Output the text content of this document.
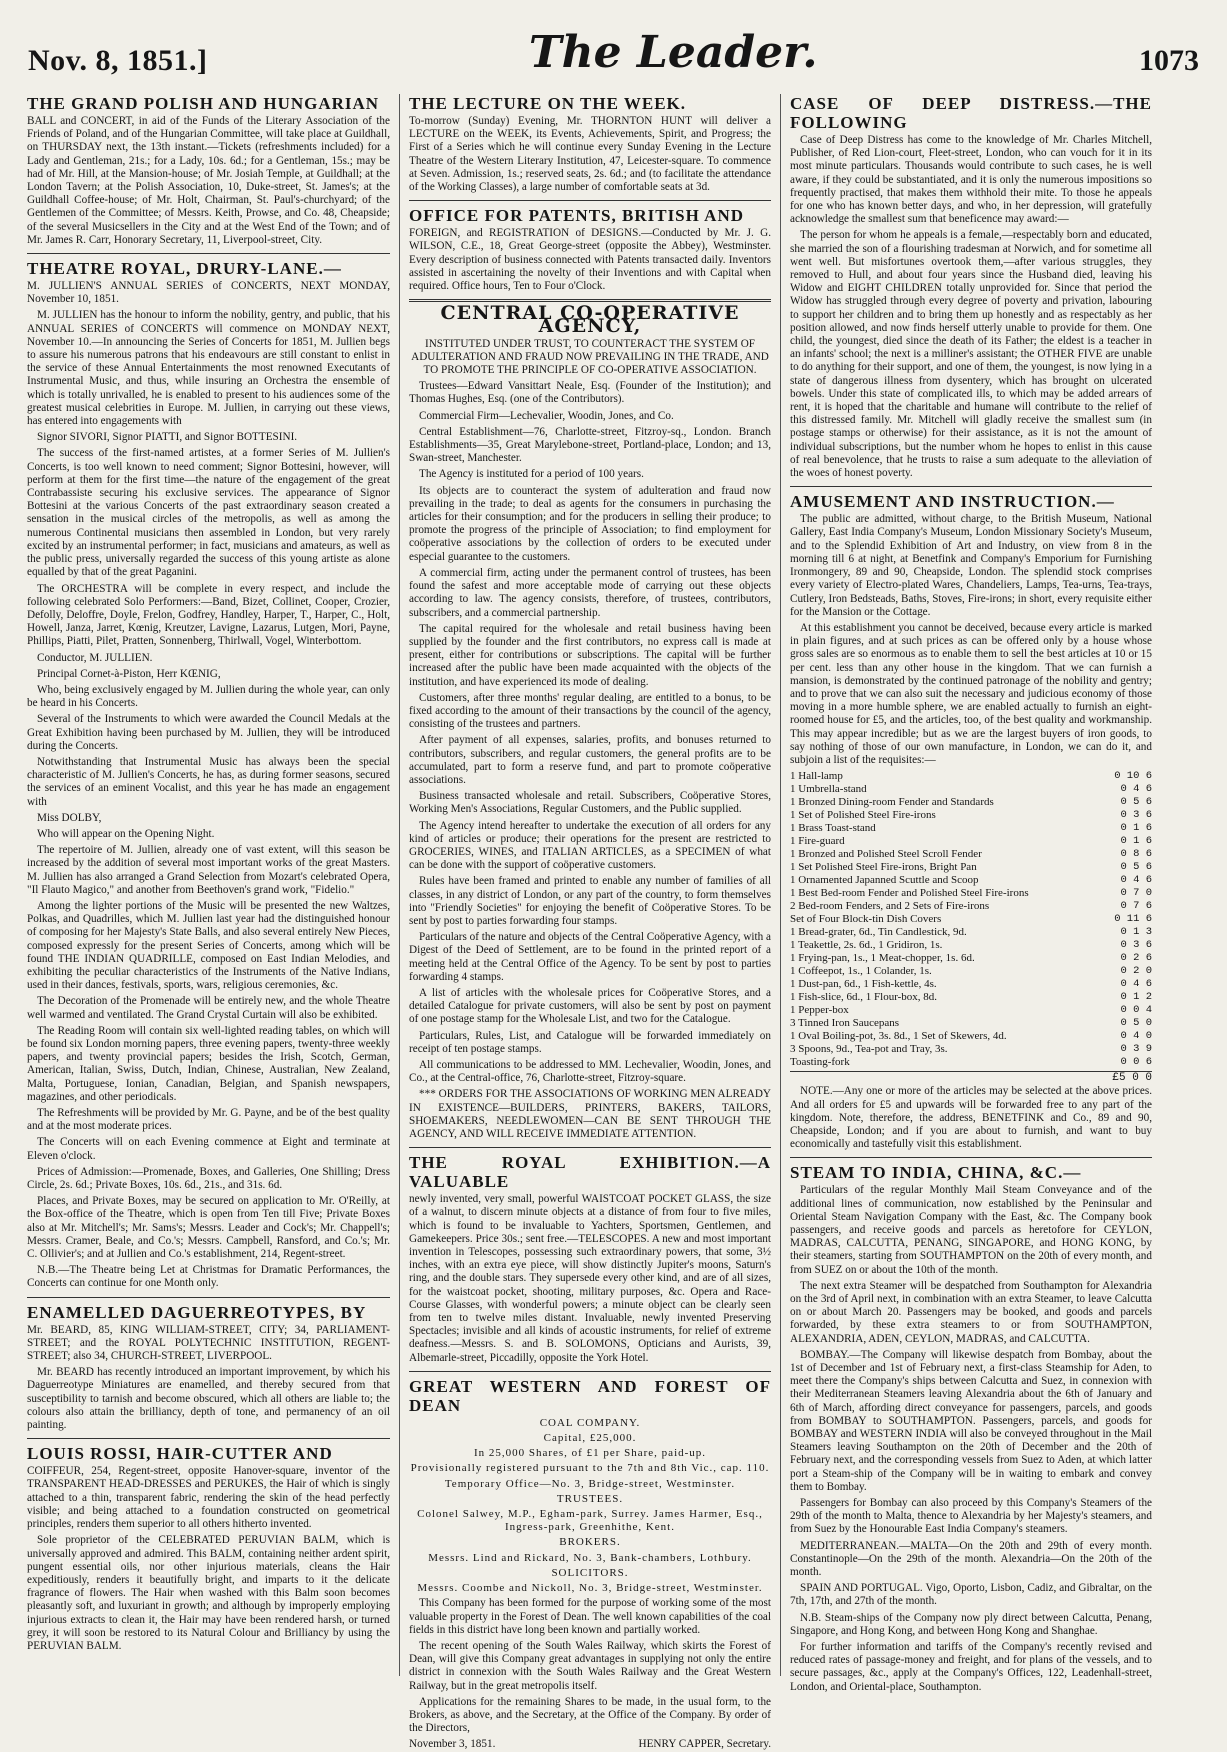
Nov. 8, 1851.]	The Leader.	1073
THE GRAND POLISH AND HUNGARIAN

BALL and CONCERT, in aid of the Funds of the Literary Association of the Friends of Poland, and of the Hungarian Committee, will take place at Guildhall, on THURSDAY next, the 13th instant.—Tickets (refreshments included) for a Lady and Gentleman, 21s.; for a Lady, 10s. 6d.; for a Gentleman, 15s.; may be had of Mr. Hill, at the Mansion-house; of Mr. Josiah Temple, at Guildhall; at the London Tavern; at the Polish Association, 10, Duke-street, St. James's; at the Guildhall Coffee-house; of Mr. Holt, Chairman, St. Paul's-churchyard; of the Gentlemen of the Committee; of Messrs. Keith, Prowse, and Co. 48, Cheapside; of the several Musicsellers in the City and at the West End of the Town; and of Mr. James R. Carr, Honorary Secretary, 11, Liverpool-street, City.

THEATRE ROYAL, DRURY-LANE.—

M. JULLIEN'S ANNUAL SERIES of CONCERTS, NEXT MONDAY, November 10, 1851.

M. JULLIEN has the honour to inform the nobility, gentry, and public, that his ANNUAL SERIES of CONCERTS will commence on MONDAY NEXT, November 10.—In announcing the Series of Concerts for 1851, M. Jullien begs to assure his numerous patrons that his endeavours are still constant to enlist in the service of these Annual Entertainments the most renowned Executants of Instrumental Music, and thus, while insuring an Orchestra the ensemble of which is totally unrivalled, he is enabled to present to his audiences some of the greatest musical celebrities in Europe. M. Jullien, in carrying out these views, has entered into engagements with

Signor SIVORI, Signor PIATTI, and Signor BOTTESINI.

The success of the first-named artistes, at a former Series of M. Jullien's Concerts, is too well known to need comment; Signor Bottesini, however, will perform at them for the first time—the nature of the engagement of the great Contrabassiste securing his exclusive services. The appearance of Signor Bottesini at the various Concerts of the past extraordinary season created a sensation in the musical circles of the metropolis, as well as among the numerous Continental musicians then assembled in London, but very rarely excited by an instrumental performer; in fact, musicians and amateurs, as well as the public press, universally regarded the success of this young artiste as alone equalled by that of the great Paganini.

The ORCHESTRA will be complete in every respect, and include the following celebrated Solo Performers:—Band, Bizet, Collinet, Cooper, Crozier, Defolly, Deloffre, Doyle, Frelon, Godfrey, Handley, Harper, T., Harper, C., Holt, Howell, Janza, Jarret, Kœnig, Kreutzer, Lavigne, Lazarus, Lutgen, Mori, Payne, Phillips, Piatti, Pilet, Pratten, Sonnenberg, Thirlwall, Vogel, Winterbottom.

Conductor, M. JULLIEN.

Principal Cornet-à-Piston, Herr KŒNIG,

Who, being exclusively engaged by M. Jullien during the whole year, can only be heard in his Concerts.

Several of the Instruments to which were awarded the Council Medals at the Great Exhibition having been purchased by M. Jullien, they will be introduced during the Concerts.

Notwithstanding that Instrumental Music has always been the special characteristic of M. Jullien's Concerts, he has, as during former seasons, secured the services of an eminent Vocalist, and this year he has made an engagement with

Miss DOLBY,

Who will appear on the Opening Night.

The repertoire of M. Jullien, already one of vast extent, will this season be increased by the addition of several most important works of the great Masters. M. Jullien has also arranged a Grand Selection from Mozart's celebrated Opera, "Il Flauto Magico," and another from Beethoven's grand work, "Fidelio."

Among the lighter portions of the Music will be presented the new Waltzes, Polkas, and Quadrilles, which M. Jullien last year had the distinguished honour of composing for her Majesty's State Balls, and also several entirely New Pieces, composed expressly for the present Series of Concerts, among which will be found THE INDIAN QUADRILLE, composed on East Indian Melodies, and exhibiting the peculiar characteristics of the Instruments of the Native Indians, used in their dances, festivals, sports, wars, religious ceremonies, &c.

The Decoration of the Promenade will be entirely new, and the whole Theatre well warmed and ventilated. The Grand Crystal Curtain will also be exhibited.

The Reading Room will contain six well-lighted reading tables, on which will be found six London morning papers, three evening papers, twenty-three weekly papers, and twenty provincial papers; besides the Irish, Scotch, German, American, Italian, Swiss, Dutch, Indian, Chinese, Australian, New Zealand, Malta, Portuguese, Ionian, Canadian, Belgian, and Spanish newspapers, magazines, and other periodicals.

The Refreshments will be provided by Mr. G. Payne, and be of the best quality and at the most moderate prices.

The Concerts will on each Evening commence at Eight and terminate at Eleven o'clock.

Prices of Admission:—Promenade, Boxes, and Galleries, One Shilling; Dress Circle, 2s. 6d.; Private Boxes, 10s. 6d., 21s., and 31s. 6d.

Places, and Private Boxes, may be secured on application to Mr. O'Reilly, at the Box-office of the Theatre, which is open from Ten till Five; Private Boxes also at Mr. Mitchell's; Mr. Sams's; Messrs. Leader and Cock's; Mr. Chappell's; Messrs. Cramer, Beale, and Co.'s; Messrs. Campbell, Ransford, and Co.'s; Mr. C. Ollivier's; and at Jullien and Co.'s establishment, 214, Regent-street.

N.B.—The Theatre being Let at Christmas for Dramatic Performances, the Concerts can continue for one Month only.

ENAMELLED DAGUERREOTYPES, BY

Mr. BEARD, 85, KING WILLIAM-STREET, CITY; 34, PARLIAMENT-STREET; and the ROYAL POLYTECHNIC INSTITUTION, REGENT-STREET; also 34, CHURCH-STREET, LIVERPOOL.

Mr. BEARD has recently introduced an important improvement, by which his Daguerreotype Miniatures are enamelled, and thereby secured from that susceptibility to tarnish and become obscured, which all others are liable to; the colours also attain the brilliancy, depth of tone, and permanency of an oil painting.

LOUIS ROSSI, HAIR-CUTTER AND

COIFFEUR, 254, Regent-street, opposite Hanover-square, inventor of the TRANSPARENT HEAD-DRESSES and PERUKES, the Hair of which is singly attached to a thin, transparent fabric, rendering the skin of the head perfectly visible; and being attached to a foundation constructed on geometrical principles, renders them superior to all others hitherto invented.

Sole proprietor of the CELEBRATED PERUVIAN BALM, which is universally approved and admired. This BALM, containing neither ardent spirit, pungent essential oils, nor other injurious materials, cleans the Hair expeditiously, renders it beautifully bright, and imparts to it the delicate fragrance of flowers. The Hair when washed with this Balm soon becomes pleasantly soft, and luxuriant in growth; and although by improperly employing injurious extracts to clean it, the Hair may have been rendered harsh, or turned grey, it will soon be restored to its Natural Colour and Brilliancy by using the PERUVIAN BALM.

THE LECTURE ON THE WEEK.

To-morrow (Sunday) Evening, Mr. THORNTON HUNT will deliver a LECTURE on the WEEK, its Events, Achievements, Spirit, and Progress; the First of a Series which he will continue every Sunday Evening in the Lecture Theatre of the Western Literary Institution, 47, Leicester-square. To commence at Seven. Admission, 1s.; reserved seats, 2s. 6d.; and (to facilitate the attendance of the Working Classes), a large number of comfortable seats at 3d.

OFFICE FOR PATENTS, BRITISH AND

FOREIGN, and REGISTRATION of DESIGNS.—Conducted by Mr. J. G. WILSON, C.E., 18, Great George-street (opposite the Abbey), Westminster. Every description of business connected with Patents transacted daily. Inventors assisted in ascertaining the novelty of their Inventions and with Capital when required. Office hours, Ten to Four o'Clock.

CENTRAL CO-OPERATIVE AGENCY,

INSTITUTED UNDER TRUST, TO COUNTERACT THE SYSTEM OF ADULTERATION AND FRAUD NOW PREVAILING IN THE TRADE, AND TO PROMOTE THE PRINCIPLE OF CO-OPERATIVE ASSOCIATION.

Trustees—Edward Vansittart Neale, Esq. (Founder of the Institution); and Thomas Hughes, Esq. (one of the Contributors).

Commercial Firm—Lechevalier, Woodin, Jones, and Co.

Central Establishment—76, Charlotte-street, Fitzroy-sq., London. Branch Establishments—35, Great Marylebone-street, Portland-place, London; and 13, Swan-street, Manchester.

The Agency is instituted for a period of 100 years.

Its objects are to counteract the system of adulteration and fraud now prevailing in the trade; to deal as agents for the consumers in purchasing the articles for their consumption; and for the producers in selling their produce; to promote the progress of the principle of Association; to find employment for coöperative associations by the collection of orders to be executed under especial guarantee to the customers.

A commercial firm, acting under the permanent control of trustees, has been found the safest and more acceptable mode of carrying out these objects according to law. The agency consists, therefore, of trustees, contributors, subscribers, and a commercial partnership.

The capital required for the wholesale and retail business having been supplied by the founder and the first contributors, no express call is made at present, either for contributions or subscriptions. The capital will be further increased after the public have been made acquainted with the objects of the institution, and have experienced its mode of dealing.

Customers, after three months' regular dealing, are entitled to a bonus, to be fixed according to the amount of their transactions by the council of the agency, consisting of the trustees and partners.

After payment of all expenses, salaries, profits, and bonuses returned to contributors, subscribers, and regular customers, the general profits are to be accumulated, part to form a reserve fund, and part to promote coöperative associations.

Business transacted wholesale and retail. Subscribers, Coöperative Stores, Working Men's Associations, Regular Customers, and the Public supplied.

The Agency intend hereafter to undertake the execution of all orders for any kind of articles or produce; their operations for the present are restricted to GROCERIES, WINES, and ITALIAN ARTICLES, as a SPECIMEN of what can be done with the support of coöperative customers.

Rules have been framed and printed to enable any number of families of all classes, in any district of London, or any part of the country, to form themselves into "Friendly Societies" for enjoying the benefit of Coöperative Stores. To be sent by post to parties forwarding four stamps.

Particulars of the nature and objects of the Central Coöperative Agency, with a Digest of the Deed of Settlement, are to be found in the printed report of a meeting held at the Central Office of the Agency. To be sent by post to parties forwarding 4 stamps.

A list of articles with the wholesale prices for Coöperative Stores, and a detailed Catalogue for private customers, will also be sent by post on payment of one postage stamp for the Wholesale List, and two for the Catalogue.

Particulars, Rules, List, and Catalogue will be forwarded immediately on receipt of ten postage stamps.

All communications to be addressed to MM. Lechevalier, Woodin, Jones, and Co., at the Central-office, 76, Charlotte-street, Fitzroy-square.

*** ORDERS FOR THE ASSOCIATIONS OF WORKING MEN ALREADY IN EXISTENCE—BUILDERS, PRINTERS, BAKERS, TAILORS, SHOEMAKERS, NEEDLEWOMEN—CAN BE SENT THROUGH THE AGENCY, AND WILL RECEIVE IMMEDIATE ATTENTION.

THE ROYAL EXHIBITION.—A VALUABLE

newly invented, very small, powerful WAISTCOAT POCKET GLASS, the size of a walnut, to discern minute objects at a distance of from four to five miles, which is found to be invaluable to Yachters, Sportsmen, Gentlemen, and Gamekeepers. Price 30s.; sent free.—TELESCOPES. A new and most important invention in Telescopes, possessing such extraordinary powers, that some, 3½ inches, with an extra eye piece, will show distinctly Jupiter's moons, Saturn's ring, and the double stars. They supersede every other kind, and are of all sizes, for the waistcoat pocket, shooting, military purposes, &c. Opera and Race-Course Glasses, with wonderful powers; a minute object can be clearly seen from ten to twelve miles distant. Invaluable, newly invented Preserving Spectacles; invisible and all kinds of acoustic instruments, for relief of extreme deafness.—Messrs. S. and B. SOLOMONS, Opticians and Aurists, 39, Albemarle-street, Piccadilly, opposite the York Hotel.

GREAT WESTERN AND FOREST OF DEAN
COAL COMPANY.
Capital, £25,000.
In 25,000 Shares, of £1 per Share, paid-up.
Provisionally registered pursuant to the 7th and 8th Vic., cap. 110.
Temporary Office—No. 3, Bridge-street, Westminster.
TRUSTEES.
Colonel Salwey, M.P., Egham-park, Surrey. James Harmer, Esq., Ingress-park, Greenhithe, Kent.
BROKERS.
Messrs. Lind and Rickard, No. 3, Bank-chambers, Lothbury.
SOLICITORS.
Messrs. Coombe and Nickoll, No. 3, Bridge-street, Westminster.

This Company has been formed for the purpose of working some of the most valuable property in the Forest of Dean. The well known capabilities of the coal fields in this district have long been known and partially worked.

The recent opening of the South Wales Railway, which skirts the Forest of Dean, will give this Company great advantages in supplying not only the entire district in connexion with the South Wales Railway and the Great Western Railway, but in the great metropolis itself.

Applications for the remaining Shares to be made, in the usual form, to the Brokers, as above, and the Secretary, at the Office of the Company. By order of the Directors,

November 3, 1851.	HENRY CAPPER, Secretary.
CASE OF DEEP DISTRESS.—THE FOLLOWING

Case of Deep Distress has come to the knowledge of Mr. Charles Mitchell, Publisher, of Red Lion-court, Fleet-street, London, who can vouch for it in its most minute particulars. Thousands would contribute to such cases, he is well aware, if they could be substantiated, and it is only the numerous impositions so frequently practised, that makes them withhold their mite. To those he appeals for one who has known better days, and who, in her depression, will gratefully acknowledge the smallest sum that beneficence may award:—

The person for whom he appeals is a female,—respectably born and educated, she married the son of a flourishing tradesman at Norwich, and for sometime all went well. But misfortunes overtook them,—after various struggles, they removed to Hull, and about four years since the Husband died, leaving his Widow and EIGHT CHILDREN totally unprovided for. Since that period the Widow has struggled through every degree of poverty and privation, labouring to support her children and to bring them up honestly and as respectably as her position allowed, and now finds herself utterly unable to provide for them. One child, the youngest, died since the death of its Father; the eldest is a teacher in an infants' school; the next is a milliner's assistant; the OTHER FIVE are unable to do anything for their support, and one of them, the youngest, is now lying in a state of dangerous illness from dysentery, which has brought on ulcerated bowels. Under this state of complicated ills, to which may be added arrears of rent, it is hoped that the charitable and humane will contribute to the relief of this distressed family. Mr. Mitchell will gladly receive the smallest sum (in postage stamps or otherwise) for their assistance, as it is not the amount of individual subscriptions, but the number whom he hopes to enlist in this cause of real benevolence, that he trusts to raise a sum adequate to the alleviation of the woes of honest poverty.

AMUSEMENT AND INSTRUCTION.—

The public are admitted, without charge, to the British Museum, National Gallery, East India Company's Museum, London Missionary Society's Museum, and to the Splendid Exhibition of Art and Industry, on view from 8 in the morning till 6 at night, at Benetfink and Company's Emporium for Furnishing Ironmongery, 89 and 90, Cheapside, London. The splendid stock comprises every variety of Electro-plated Wares, Chandeliers, Lamps, Tea-urns, Tea-trays, Cutlery, Iron Bedsteads, Baths, Stoves, Fire-irons; in short, every requisite either for the Mansion or the Cottage.

At this establishment you cannot be deceived, because every article is marked in plain figures, and at such prices as can be offered only by a house whose gross sales are so enormous as to enable them to sell the best articles at 10 or 15 per cent. less than any other house in the kingdom. That we can furnish a mansion, is demonstrated by the continued patronage of the nobility and gentry; and to prove that we can also suit the necessary and judicious economy of those moving in a more humble sphere, we are enabled actually to furnish an eight-roomed house for £5, and the articles, too, of the best quality and workmanship. This may appear incredible; but as we are the largest buyers of iron goods, to say nothing of those of our own manufacture, in London, we can do it, and subjoin a list of the requisites:—

1 Hall-lamp	0 10 6
1 Umbrella-stand	0 4 6
1 Bronzed Dining-room Fender and Standards	0 5 6
1 Set of Polished Steel Fire-irons	0 3 6
1 Brass Toast-stand	0 1 6
1 Fire-guard	0 1 6
1 Bronzed and Polished Steel Scroll Fender	0 8 6
1 Set Polished Steel Fire-irons, Bright Pan	0 5 6
1 Ornamented Japanned Scuttle and Scoop	0 4 6
1 Best Bed-room Fender and Polished Steel Fire-irons	0 7 0
2 Bed-room Fenders, and 2 Sets of Fire-irons	0 7 6
Set of Four Block-tin Dish Covers	0 11 6
1 Bread-grater, 6d., Tin Candlestick, 9d.	0 1 3
1 Teakettle, 2s. 6d., 1 Gridiron, 1s.	0 3 6
1 Frying-pan, 1s., 1 Meat-chopper, 1s. 6d.	0 2 6
1 Coffeepot, 1s., 1 Colander, 1s.	0 2 0
1 Dust-pan, 6d., 1 Fish-kettle, 4s.	0 4 6
1 Fish-slice, 6d., 1 Flour-box, 8d.	0 1 2
1 Pepper-box	0 0 4
3 Tinned Iron Saucepans	0 5 0
1 Oval Boiling-pot, 3s. 8d., 1 Set of Skewers, 4d.	0 4 0
3 Spoons, 9d., Tea-pot and Tray, 3s.	0 3 9
Toasting-fork	0 0 6
£5 0 0

NOTE.—Any one or more of the articles may be selected at the above prices. And all orders for £5 and upwards will be forwarded free to any part of the kingdom. Note, therefore, the address, BENETFINK and Co., 89 and 90, Cheapside, London; and if you are about to furnish, and want to buy economically and tastefully visit this establishment.

STEAM TO INDIA, CHINA, &C.—

Particulars of the regular Monthly Mail Steam Conveyance and of the additional lines of communication, now established by the Peninsular and Oriental Steam Navigation Company with the East, &c. The Company book passengers, and receive goods and parcels as heretofore for CEYLON, MADRAS, CALCUTTA, PENANG, SINGAPORE, and HONG KONG, by their steamers, starting from SOUTHAMPTON on the 20th of every month, and from SUEZ on or about the 10th of the month.

The next extra Steamer will be despatched from Southampton for Alexandria on the 3rd of April next, in combination with an extra Steamer, to leave Calcutta on or about March 20. Passengers may be booked, and goods and parcels forwarded, by these extra steamers to or from SOUTHAMPTON, ALEXANDRIA, ADEN, CEYLON, MADRAS, and CALCUTTA.

BOMBAY.—The Company will likewise despatch from Bombay, about the 1st of December and 1st of February next, a first-class Steamship for Aden, to meet there the Company's ships between Calcutta and Suez, in connexion with their Mediterranean Steamers leaving Alexandria about the 6th of January and 6th of March, affording direct conveyance for passengers, parcels, and goods from BOMBAY to SOUTHAMPTON. Passengers, parcels, and goods for BOMBAY and WESTERN INDIA will also be conveyed throughout in the Mail Steamers leaving Southampton on the 20th of December and the 20th of February next, and the corresponding vessels from Suez to Aden, at which latter port a Steam-ship of the Company will be in waiting to embark and convey them to Bombay.

Passengers for Bombay can also proceed by this Company's Steamers of the 29th of the month to Malta, thence to Alexandria by her Majesty's steamers, and from Suez by the Honourable East India Company's steamers.

MEDITERRANEAN.—MALTA—On the 20th and 29th of every month. Constantinople—On the 29th of the month. Alexandria—On the 20th of the month.

SPAIN AND PORTUGAL. Vigo, Oporto, Lisbon, Cadiz, and Gibraltar, on the 7th, 17th, and 27th of the month.

N.B. Steam-ships of the Company now ply direct between Calcutta, Penang, Singapore, and Hong Kong, and between Hong Kong and Shanghae.

For further information and tariffs of the Company's recently revised and reduced rates of passage-money and freight, and for plans of the vessels, and to secure passages, &c., apply at the Company's Offices, 122, Leadenhall-street, London, and Oriental-place, Southampton.
